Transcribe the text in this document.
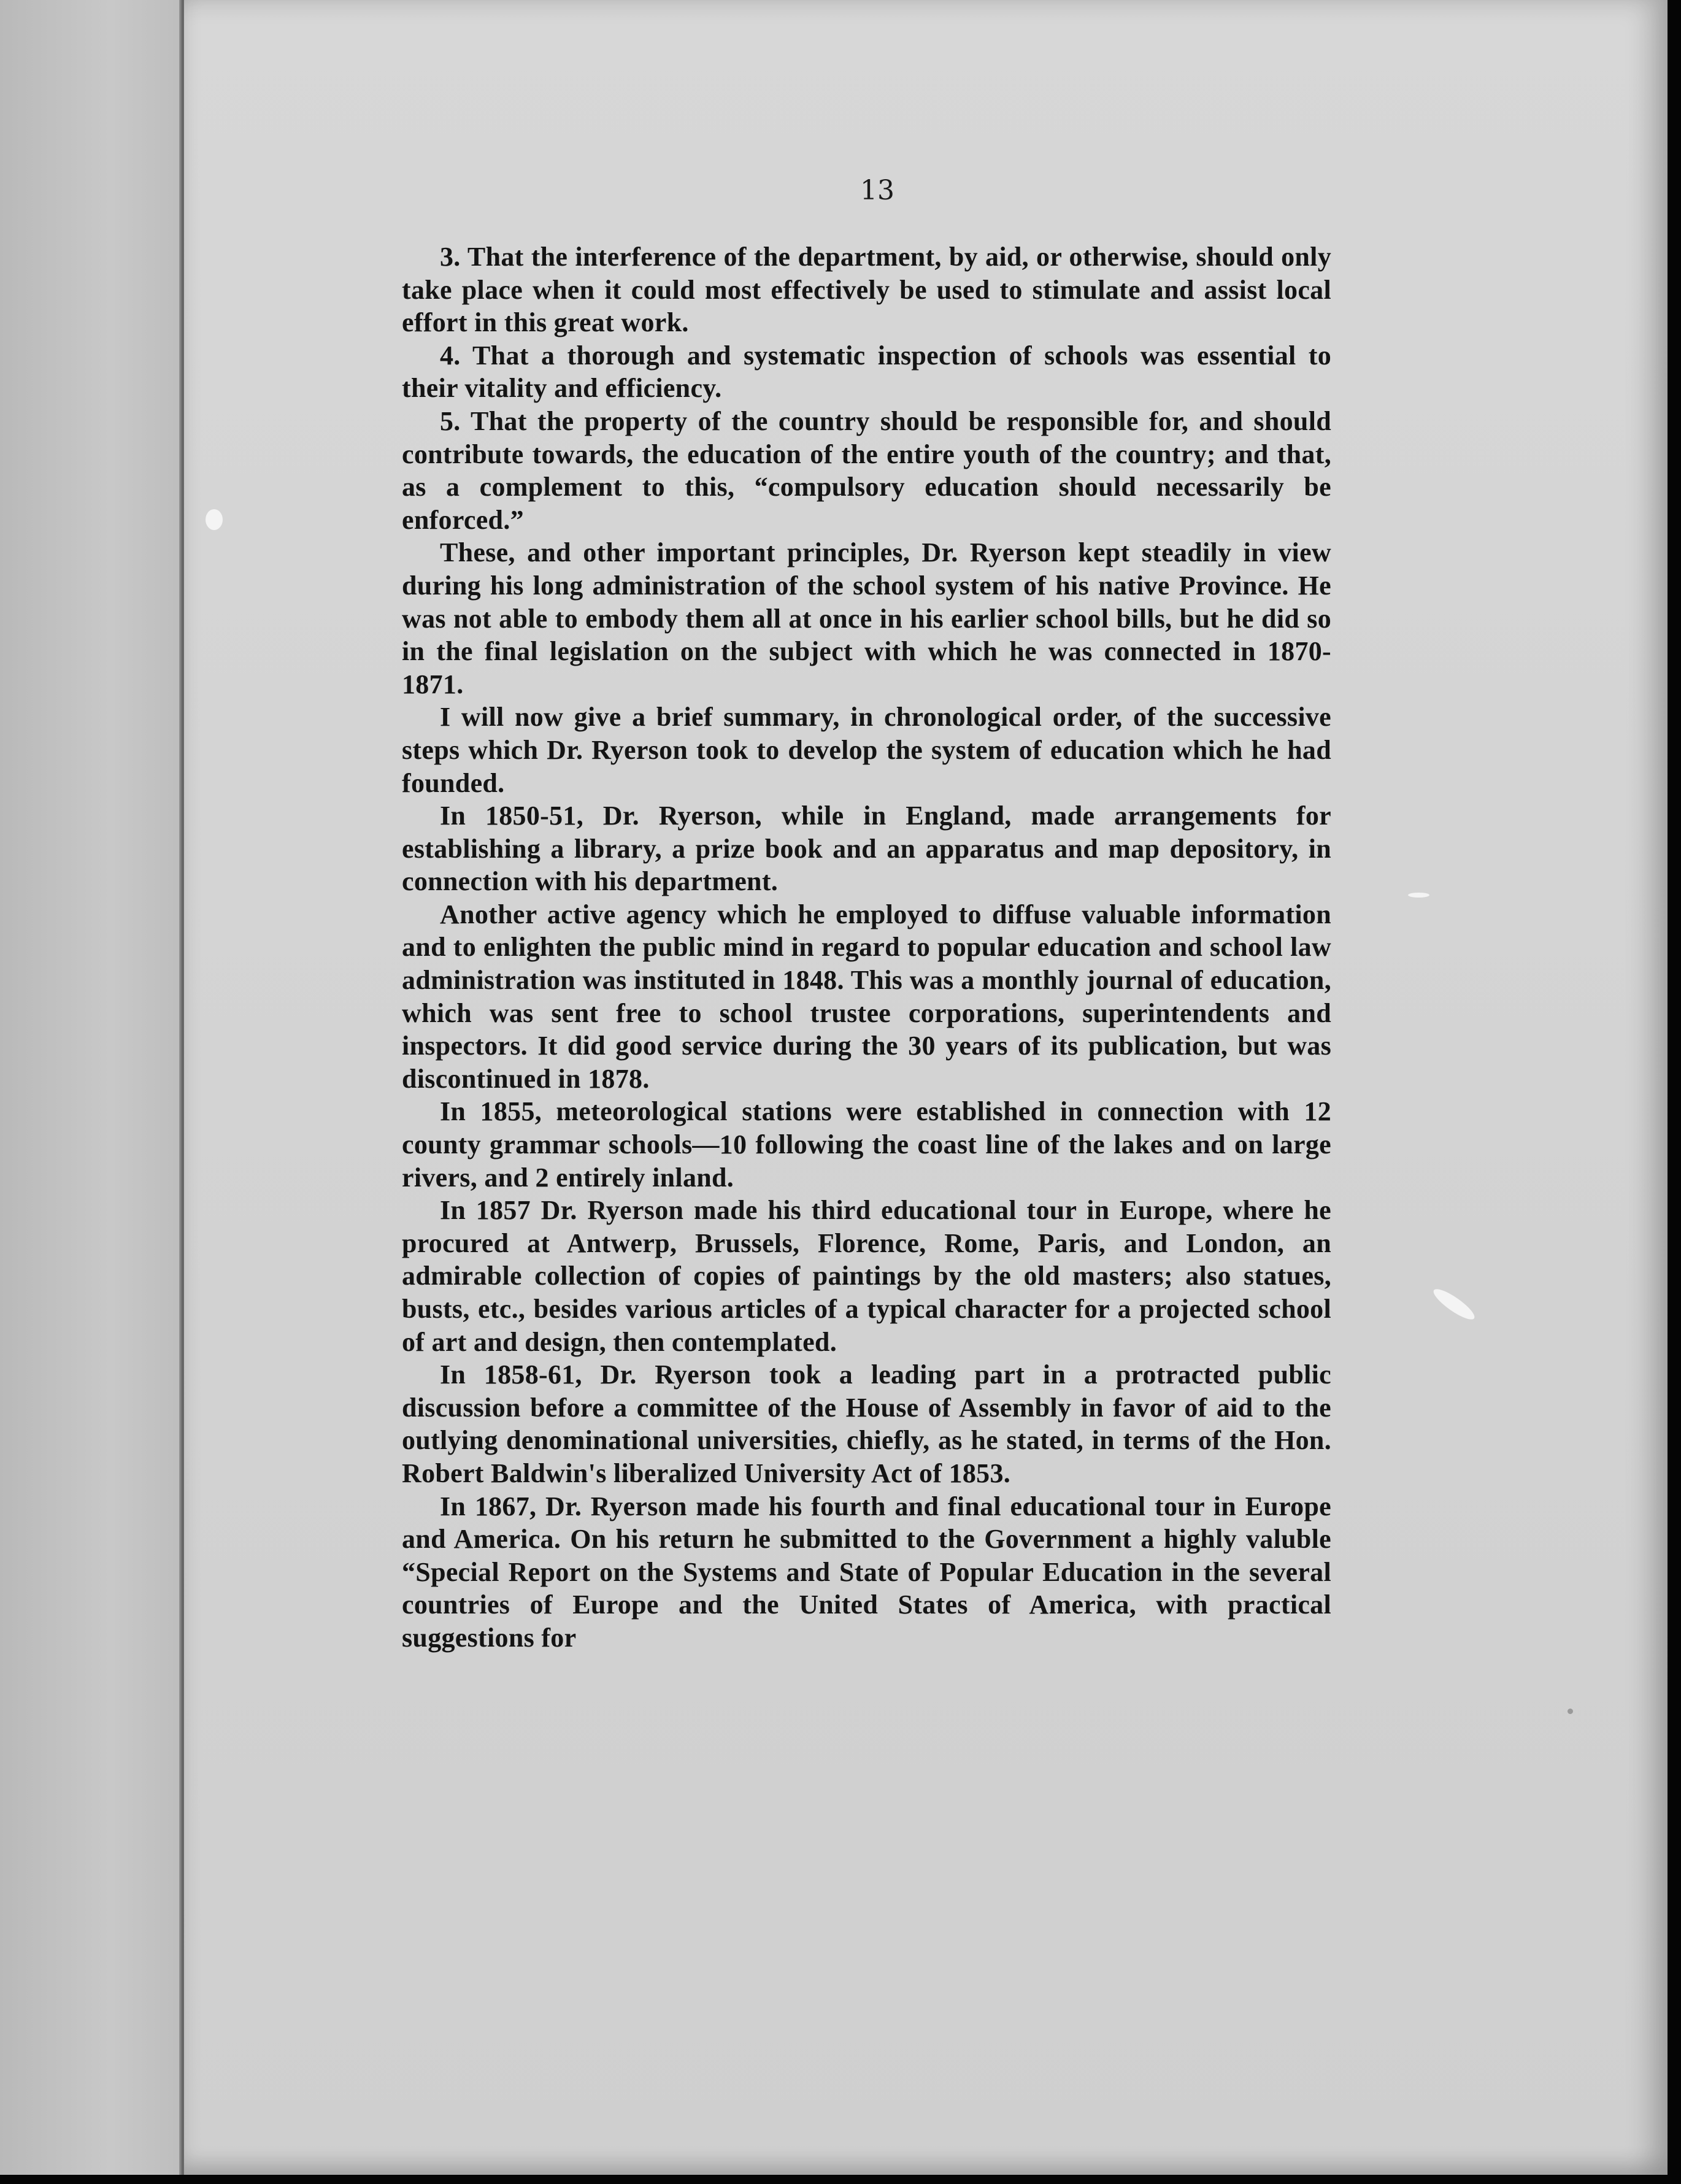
13

3. That the interference of the department, by aid, or otherwise, should only take place when it could most effectively be used to stimulate and assist local effort in this great work.

4. That a thorough and systematic inspection of schools was essential to their vitality and efficiency.

5. That the property of the country should be responsible for, and should contribute towards, the education of the entire youth of the country; and that, as a complement to this, “compulsory education should necessarily be enforced.”

These, and other important principles, Dr. Ryerson kept steadily in view during his long administration of the school system of his native Province. He was not able to embody them all at once in his earlier school bills, but he did so in the final legislation on the subject with which he was connected in 1870-1871.

I will now give a brief summary, in chronological order, of the successive steps which Dr. Ryerson took to develop the system of education which he had founded.

In 1850-51, Dr. Ryerson, while in England, made arrangements for establishing a library, a prize book and an apparatus and map depository, in connection with his department.

Another active agency which he employed to diffuse valuable information and to enlighten the public mind in regard to popular education and school law administration was instituted in 1848. This was a monthly journal of education, which was sent free to school trustee corporations, superintendents and inspectors. It did good service during the 30 years of its publication, but was discontinued in 1878.

In 1855, meteorological stations were established in connection with 12 county grammar schools—10 following the coast line of the lakes and on large rivers, and 2 entirely inland.

In 1857 Dr. Ryerson made his third educational tour in Europe, where he procured at Antwerp, Brussels, Florence, Rome, Paris, and London, an admirable collection of copies of paintings by the old masters; also statues, busts, etc., besides various articles of a typical character for a projected school of art and design, then contemplated.

In 1858-61, Dr. Ryerson took a leading part in a protracted public discussion before a committee of the House of Assembly in favor of aid to the outlying denominational universities, chiefly, as he stated, in terms of the Hon. Robert Baldwin's liberalized University Act of 1853.

In 1867, Dr. Ryerson made his fourth and final educational tour in Europe and America. On his return he submitted to the Government a highly valuble “Special Report on the Systems and State of Popular Education in the several countries of Europe and the United States of America, with practical suggestions for
